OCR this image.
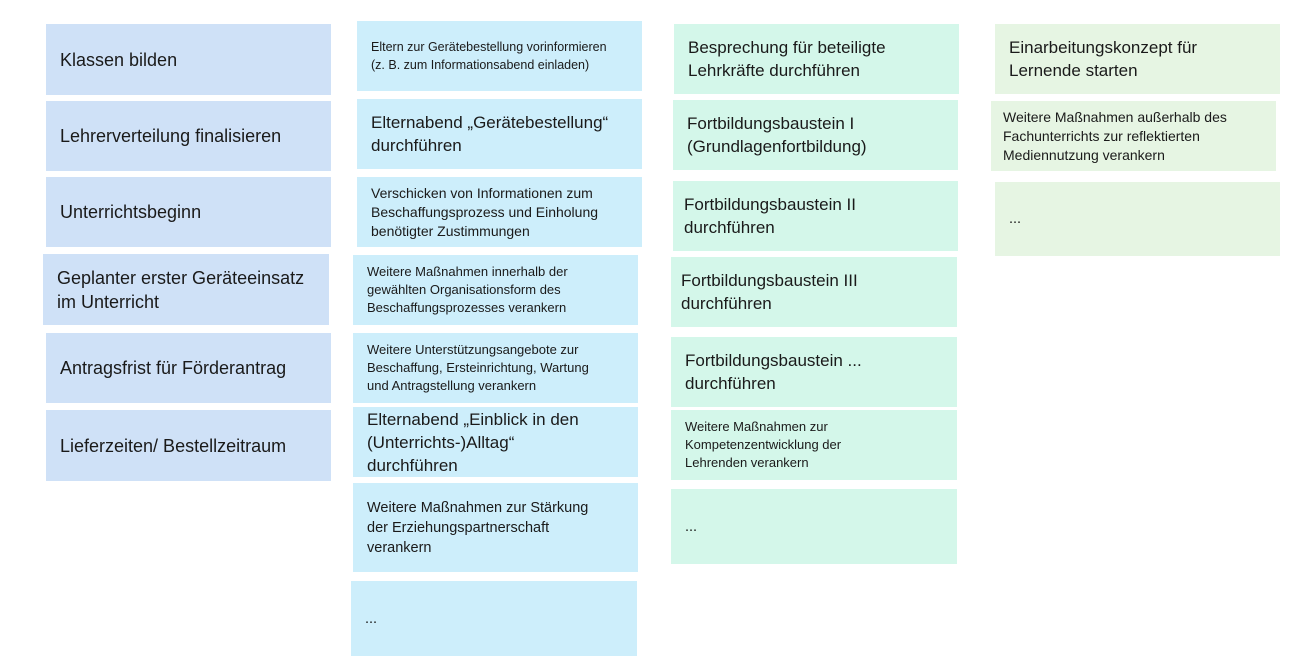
Klassen bilden
Lehrerverteilung finalisieren
Unterrichtsbeginn
Geplanter erster Geräteeinsatz
im Unterricht
Antragsfrist für Förderantrag
Lieferzeiten/ Bestellzeitraum
Eltern zur Gerätebestellung vorinformieren
(z. B. zum Informationsabend einladen)
Elternabend „Gerätebestellung“
durchführen
Verschicken von Informationen zum
Beschaffungsprozess und Einholung
benötigter Zustimmungen
Weitere Maßnahmen innerhalb der
gewählten Organisationsform des
Beschaffungsprozesses verankern
Weitere Unterstützungsangebote zur
Beschaffung, Ersteinrichtung, Wartung
und Antragstellung verankern
Elternabend „Einblick in den
(Unterrichts-)Alltag“
durchführen
Weitere Maßnahmen zur Stärkung
der Erziehungspartnerschaft
verankern
...
Besprechung für beteiligte
Lehrkräfte durchführen
Fortbildungsbaustein I
(Grundlagenfortbildung)
Fortbildungsbaustein II
durchführen
Fortbildungsbaustein III
durchführen
Fortbildungsbaustein ...
durchführen
Weitere Maßnahmen zur
Kompetenzentwicklung der
Lehrenden verankern
...
Einarbeitungskonzept für
Lernende starten
Weitere Maßnahmen außerhalb des
Fachunterrichts zur reflektierten
Mediennutzung verankern
...
